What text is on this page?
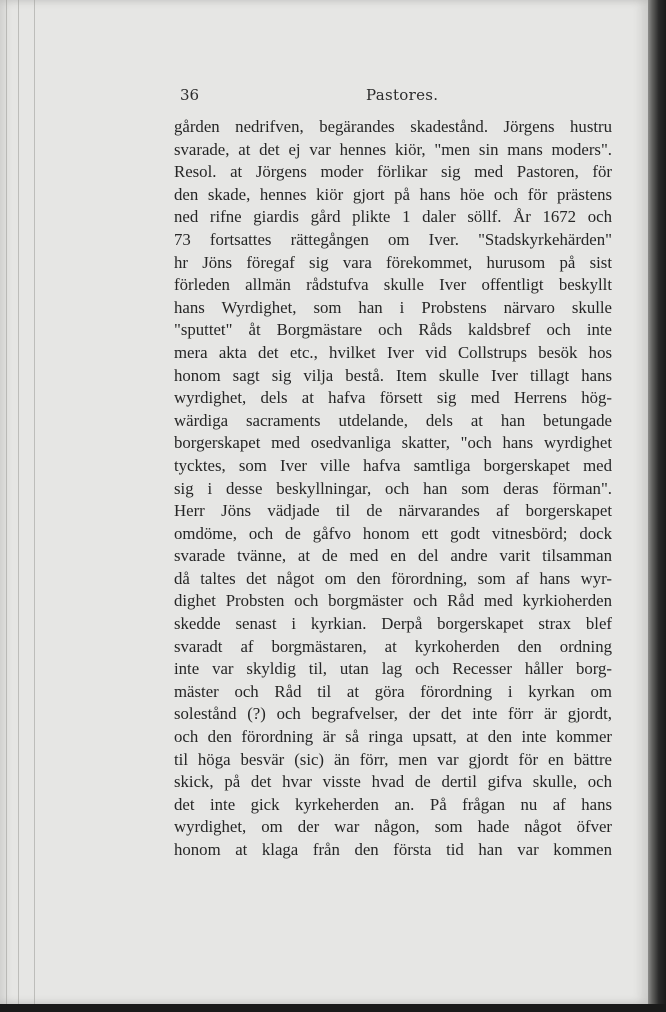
36	Pastores.
gården nedrifven, begärandes skadestånd. Jörgens hustru
svarade, at det ej var hennes kiör, "men sin mans moders".
Resol. at Jörgens moder förlikar sig med Pastoren, för
den skade, hennes kiör gjort på hans höe och för prästens
ned rifne giardis gård plikte 1 daler söllf. År 1672 och
73 fortsattes rättegången om Iver. "Stadskyrkehärden"
hr Jöns föregaf sig vara förekommet, hurusom på sist
förleden allmän rådstufva skulle Iver offentligt beskyllt
hans Wyrdighet, som han i Probstens närvaro skulle
"sputtet" åt Borgmästare och Råds kaldsbref och inte
mera akta det etc., hvilket Iver vid Collstrups besök hos
honom sagt sig vilja bestå. Item skulle Iver tillagt hans
wyrdighet, dels at hafva försett sig med Herrens hög-
wärdiga sacraments utdelande, dels at han betungade
borgerskapet med osedvanliga skatter, "och hans wyrdighet
tycktes, som Iver ville hafva samtliga borgerskapet med
sig i desse beskyllningar, och han som deras förman".
Herr Jöns vädjade til de närvarandes af borgerskapet
omdöme, och de gåfvo honom ett godt vitnesbörd; dock
svarade tvänne, at de med en del andre varit tilsamman
då taltes det något om den förordning, som af hans wyr-
dighet Probsten och borgmäster och Råd med kyrkioherden
skedde senast i kyrkian. Derpå borgerskapet strax blef
svaradt af borgmästaren, at kyrkoherden den ordning
inte var skyldig til, utan lag och Recesser håller borg-
mäster och Råd til at göra förordning i kyrkan om
solestånd (?) och begrafvelser, der det inte förr är gjordt,
och den förordning är så ringa upsatt, at den inte kommer
til höga besvär (sic) än förr, men var gjordt för en bättre
skick, på det hvar visste hvad de dertil gifva skulle, och
det inte gick kyrkeherden an. På frågan nu af hans
wyrdighet, om der war någon, som hade något öfver
honom at klaga från den första tid han var kommen
